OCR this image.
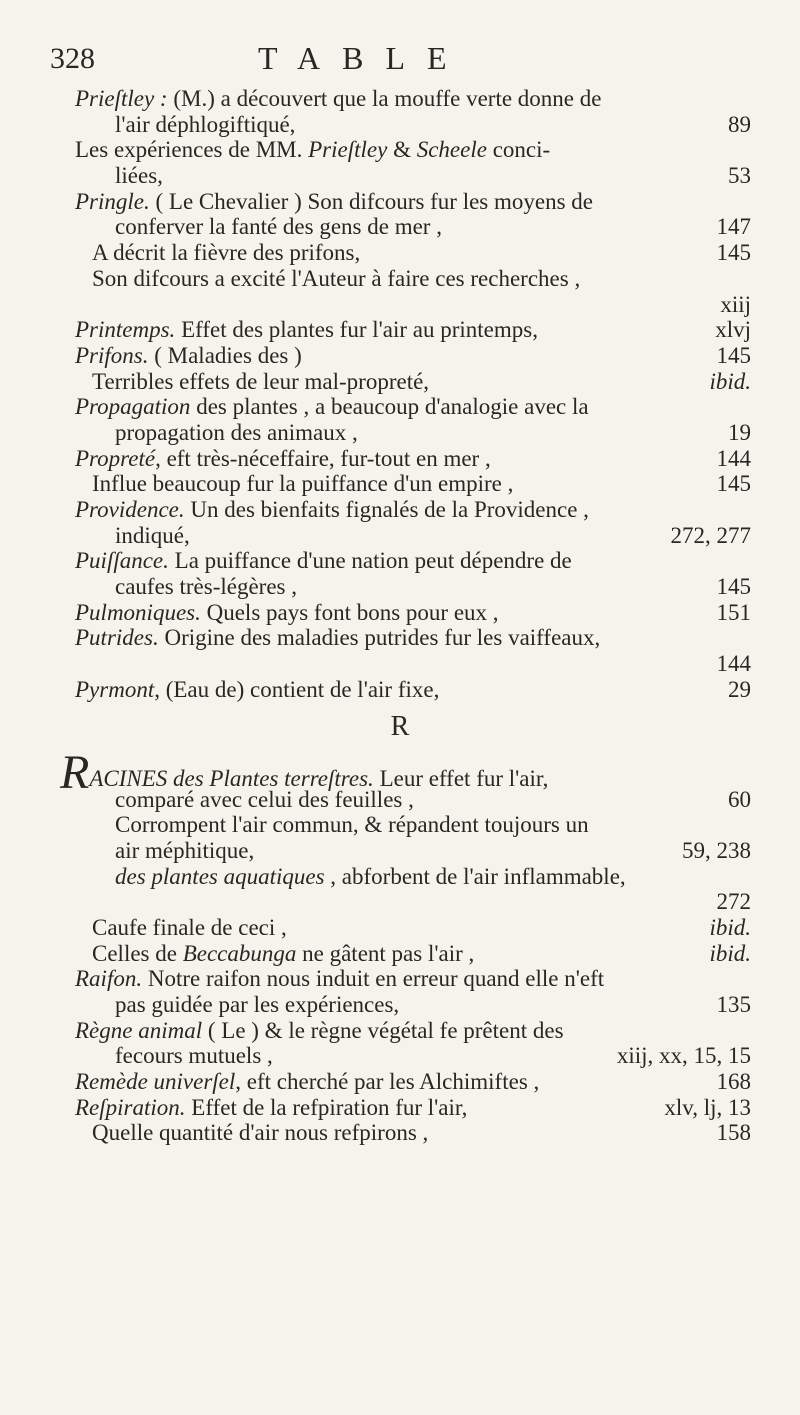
328	TABLE
Prieſtley : (M.) a découvert que la mouffe verte donne de
l'air déphlogiftiqué,	89
Les expériences de MM. Prieſtley & Scheele conci-
liées,	53
Pringle. ( Le Chevalier ) Son difcours fur les moyens de
conferver la fanté des gens de mer ,	147
A décrit la fièvre des prifons,	145
Son difcours a excité l'Auteur à faire ces recherches ,
xiij
Printemps. Effet des plantes fur l'air au printemps,	xlvj
Prifons. ( Maladies des )	145
Terribles effets de leur mal-propreté,	ibid.
Propagation des plantes , a beaucoup d'analogie avec la
propagation des animaux ,	19
Propreté, eft très-néceffaire, fur-tout en mer ,	144
Influe beaucoup fur la puiffance d'un empire ,	145
Providence. Un des bienfaits fignalés de la Providence ,
indiqué,	272, 277
Puiſſance. La puiffance d'une nation peut dépendre de
caufes très-légères ,	145
Pulmoniques. Quels pays font bons pour eux ,	151
Putrides. Origine des maladies putrides fur les vaiffeaux,
144
Pyrmont, (Eau de) contient de l'air fixe,	29
R
RACINES des Plantes terreſtres. Leur effet fur l'air,
comparé avec celui des feuilles ,	60
Corrompent l'air commun, & répandent toujours un
air méphitique,	59, 238
des plantes aquatiques , abforbent de l'air inflammable,
272
Caufe finale de ceci ,	ibid.
Celles de Beccabunga ne gâtent pas l'air ,	ibid.
Raifon. Notre raifon nous induit en erreur quand elle n'eft
pas guidée par les expériences,	135
Règne animal ( Le ) & le règne végétal fe prêtent des
fecours mutuels ,	xiij, xx, 15, 15
Remède univerſel, eft cherché par les Alchimiftes ,	168
Reſpiration. Effet de la refpiration fur l'air,	xlv, lj, 13
Quelle quantité d'air nous refpirons ,	158
